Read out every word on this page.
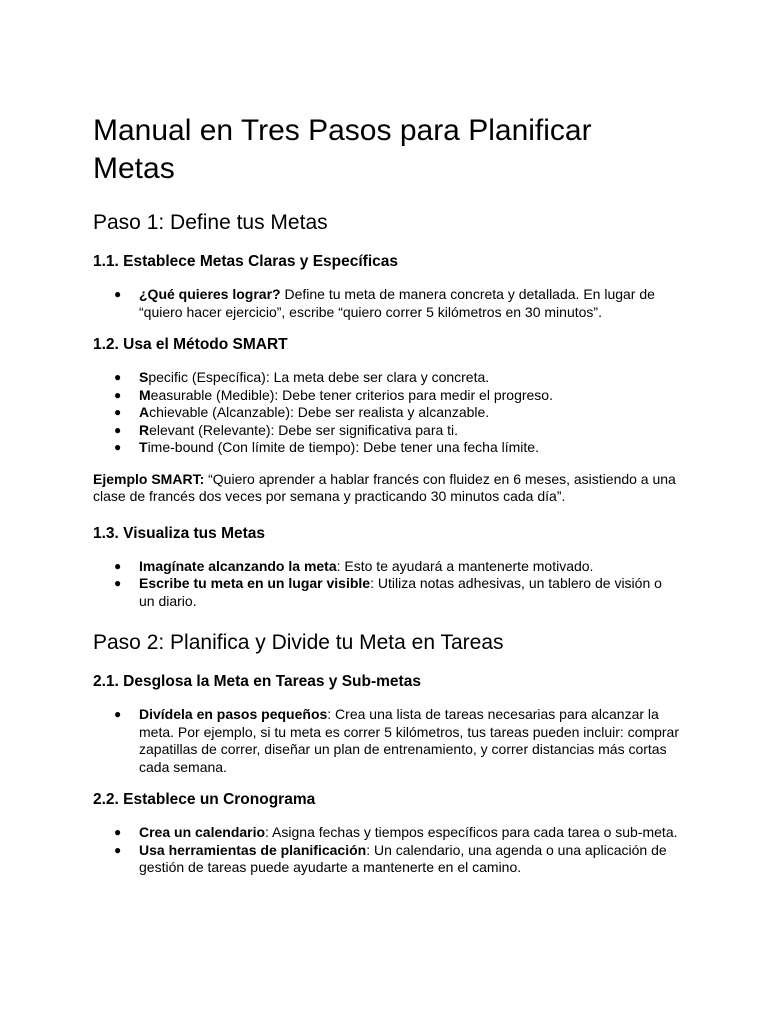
Manual en Tres Pasos para Planificar Metas
Paso 1: Define tus Metas
1.1. Establece Metas Claras y Específicas
● ¿Qué quieres lograr? Define tu meta de manera concreta y detallada. En lugar de “quiero hacer ejercicio”, escribe “quiero correr 5 kilómetros en 30 minutos”.
1.2. Usa el Método SMART
● Specific (Específica): La meta debe ser clara y concreta.
● Measurable (Medible): Debe tener criterios para medir el progreso.
● Achievable (Alcanzable): Debe ser realista y alcanzable.
● Relevant (Relevante): Debe ser significativa para ti.
● Time-bound (Con límite de tiempo): Debe tener una fecha límite.

Ejemplo SMART: “Quiero aprender a hablar francés con fluidez en 6 meses, asistiendo a una clase de francés dos veces por semana y practicando 30 minutos cada día”.

1.3. Visualiza tus Metas
● Imagínate alcanzando la meta: Esto te ayudará a mantenerte motivado.
● Escribe tu meta en un lugar visible: Utiliza notas adhesivas, un tablero de visión o un diario.
Paso 2: Planifica y Divide tu Meta en Tareas
2.1. Desglosa la Meta en Tareas y Sub-metas
● Divídela en pasos pequeños: Crea una lista de tareas necesarias para alcanzar la meta. Por ejemplo, si tu meta es correr 5 kilómetros, tus tareas pueden incluir: comprar zapatillas de correr, diseñar un plan de entrenamiento, y correr distancias más cortas cada semana.
2.2. Establece un Cronograma
● Crea un calendario: Asigna fechas y tiempos específicos para cada tarea o sub-meta.
● Usa herramientas de planificación: Un calendario, una agenda o una aplicación de gestión de tareas puede ayudarte a mantenerte en el camino.
